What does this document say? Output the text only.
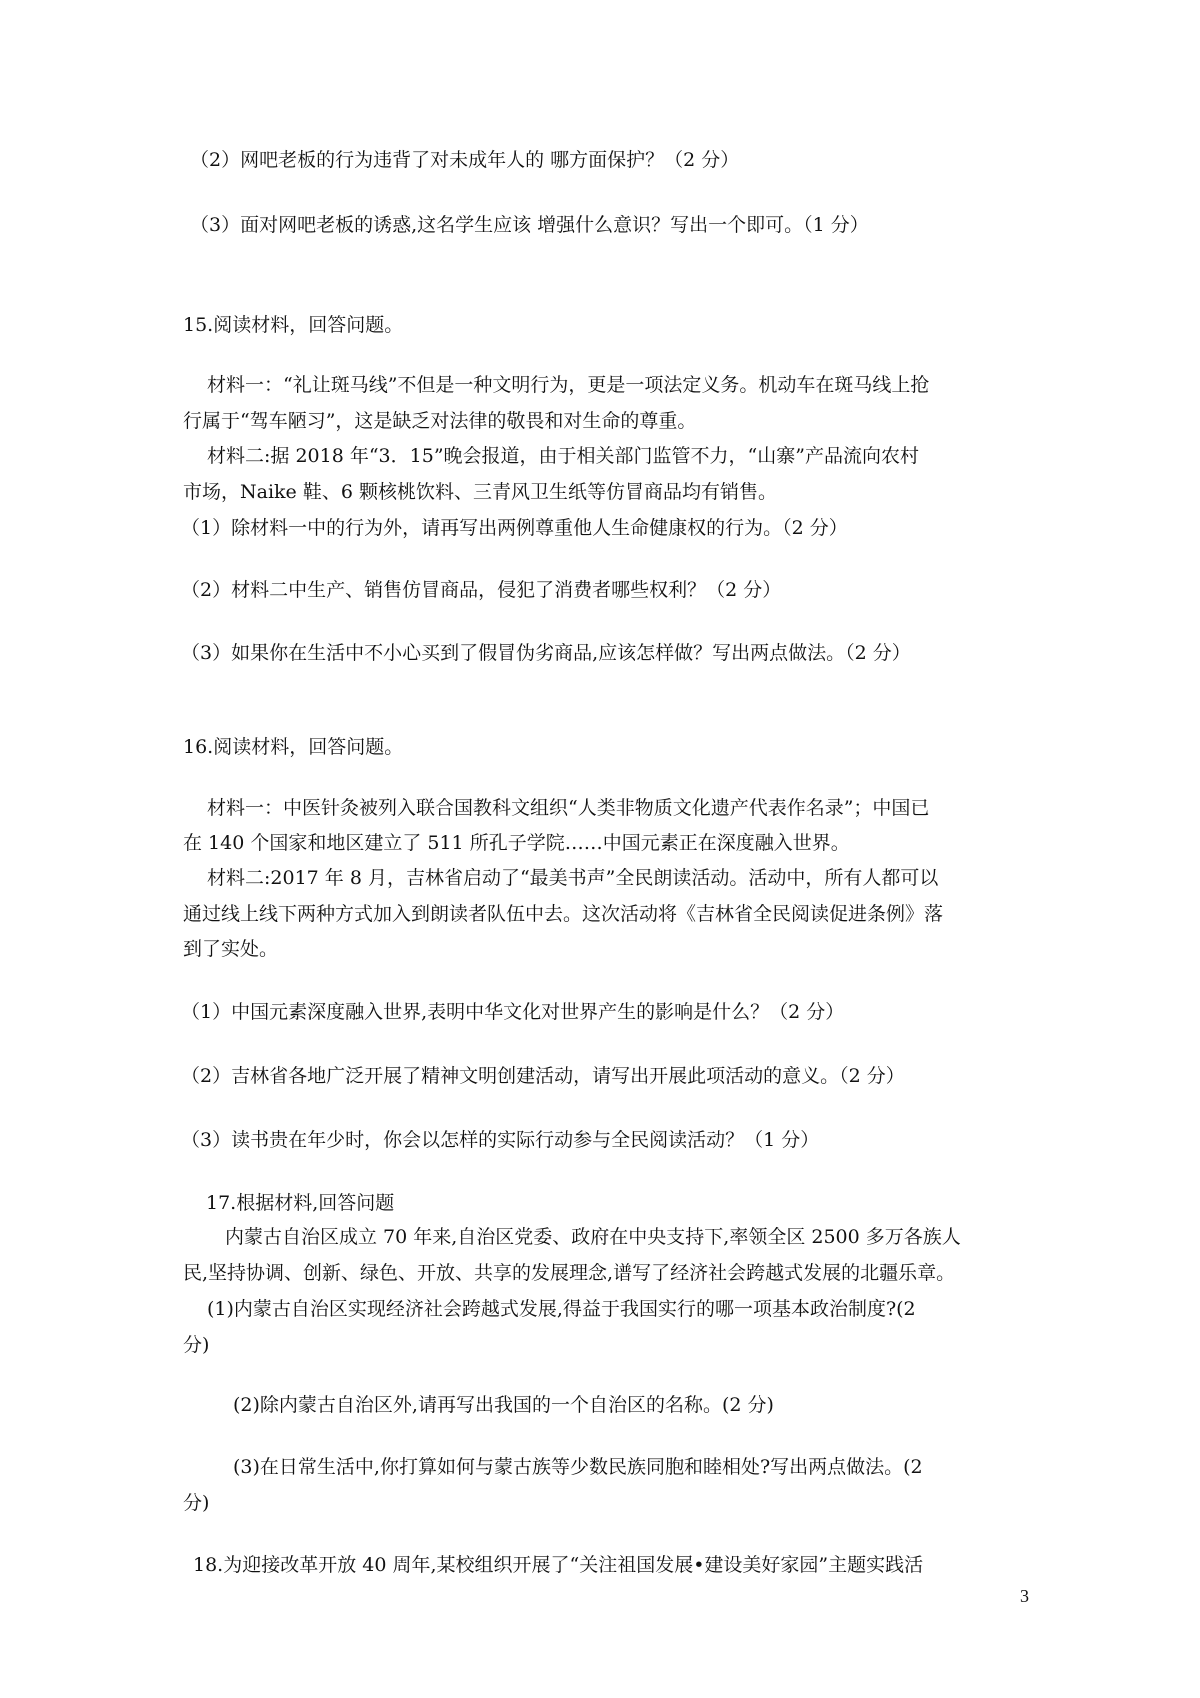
（2）网吧老板的行为违背了对未成年人的 哪方面保护？（2 分）
（3）面对网吧老板的诱惑,这名学生应该 增强什么意识？写出一个即可。（1 分）
15.阅读材料，回答问题。
材料一：“礼让斑马线”不但是一种文明行为，更是一项法定义务。机动车在斑马线上抢
行属于“驾车陋习”，这是缺乏对法律的敬畏和对生命的尊重。
材料二:据 2018 年“3．15”晚会报道，由于相关部门监管不力，“山寨”产品流向农村
市场，Naike 鞋、6 颗核桃饮料、三青风卫生纸等仿冒商品均有销售。
（1）除材料一中的行为外，请再写出两例尊重他人生命健康权的行为。（2 分）
（2）材料二中生产、销售仿冒商品，侵犯了消费者哪些权利？（2 分）
（3）如果你在生活中不小心买到了假冒伪劣商品,应该怎样做？写出两点做法。（2 分）
16.阅读材料，回答问题。
材料一：中医针灸被列入联合国教科文组织“人类非物质文化遗产代表作名录”；中国已
在 140 个国家和地区建立了 511 所孔子学院……中国元素正在深度融入世界。
材料二:2017 年 8 月，吉林省启动了“最美书声”全民朗读活动。活动中，所有人都可以
通过线上线下两种方式加入到朗读者队伍中去。这次活动将《吉林省全民阅读促进条例》落
到了实处。
（1）中国元素深度融入世界,表明中华文化对世界产生的影响是什么？（2 分）
（2）吉林省各地广泛开展了精神文明创建活动，请写出开展此项活动的意义。（2 分）
（3）读书贵在年少时，你会以怎样的实际行动参与全民阅读活动？（1 分）
17.根据材料,回答问题
内蒙古自治区成立 70 年来,自治区党委、政府在中央支持下,率领全区 2500 多万各族人
民,坚持协调、创新、绿色、开放、共享的发展理念,谱写了经济社会跨越式发展的北疆乐章。
(1)内蒙古自治区实现经济社会跨越式发展,得益于我国实行的哪一项基本政治制度?(2
分)
(2)除内蒙古自治区外,请再写出我国的一个自治区的名称。(2 分)
(3)在日常生活中,你打算如何与蒙古族等少数民族同胞和睦相处?写出两点做法。(2
分)
18.为迎接改革开放 40 周年,某校组织开展了“关注祖国发展•建设美好家园”主题实践活
3
